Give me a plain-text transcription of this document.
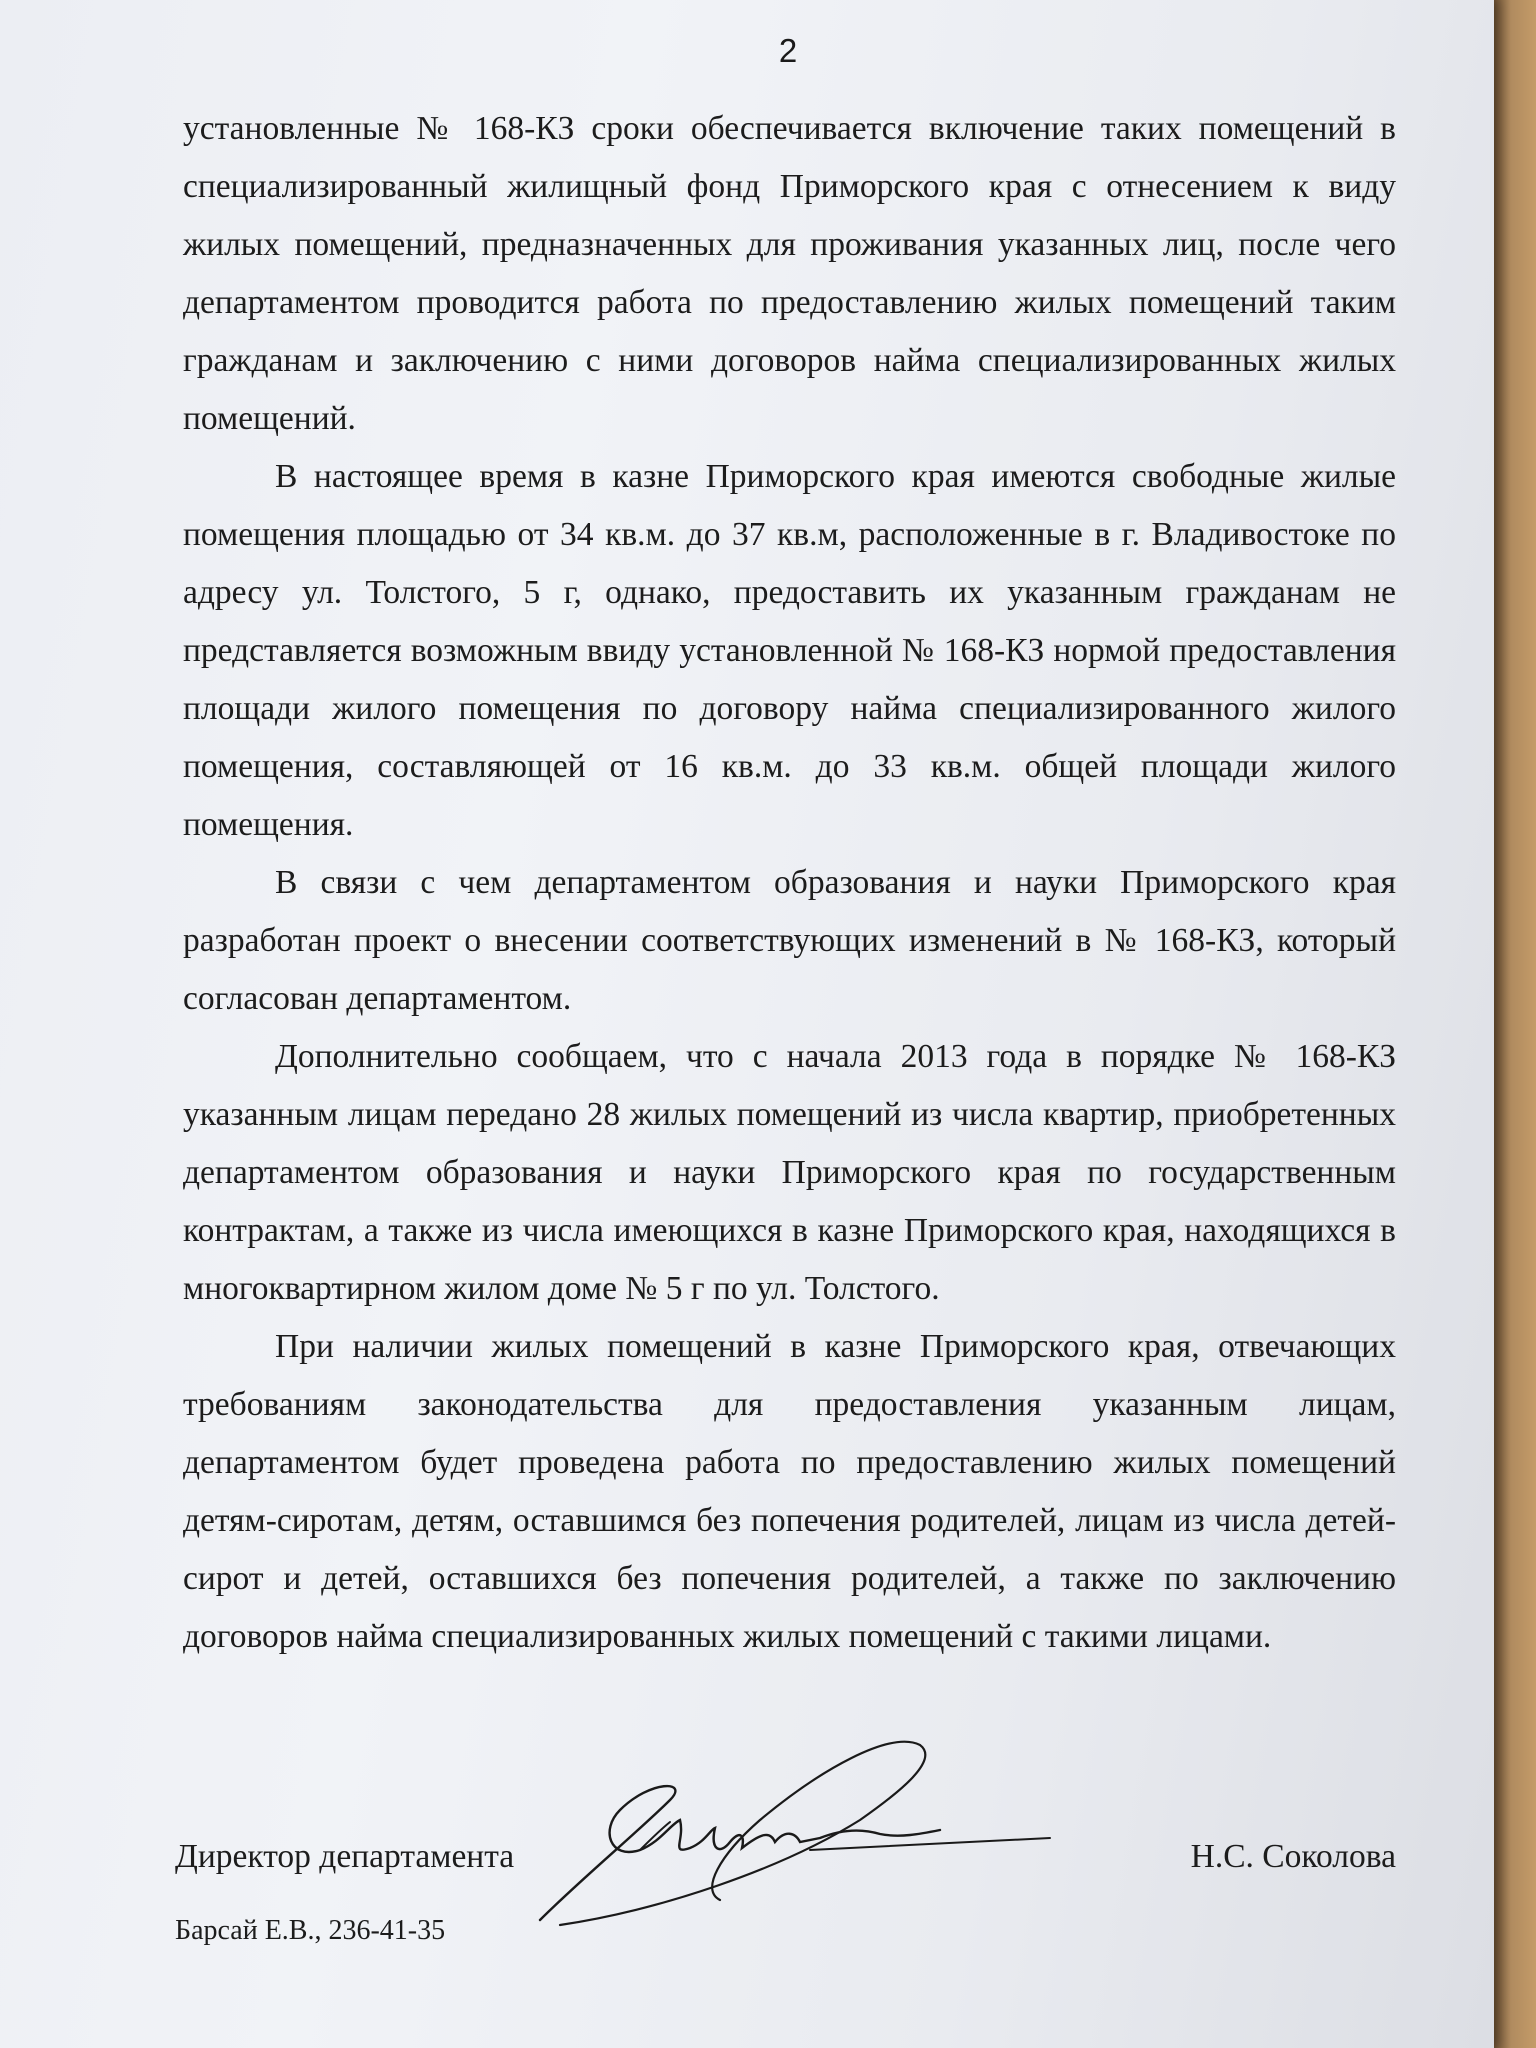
2

установленные № 168-КЗ сроки обеспечивается включение таких помещений в специализированный жилищный фонд Приморского края с отнесением к виду жилых помещений, предназначенных для проживания указанных лиц, после чего департаментом проводится работа по предоставлению жилых помещений таким гражданам и заключению с ними договоров найма специализированных жилых помещений.

В настоящее время в казне Приморского края имеются свободные жилые помещения площадью от 34 кв.м. до 37 кв.м, расположенные в г. Владивостоке по адресу ул. Толстого, 5 г, однако, предоставить их указанным гражданам не представляется возможным ввиду установленной № 168-КЗ нормой предоставления площади жилого помещения по договору найма специализированного жилого помещения, составляющей от 16 кв.м. до 33 кв.м. общей площади жилого помещения.

В связи с чем департаментом образования и науки Приморского края разработан проект о внесении соответствующих изменений в № 168-КЗ, который согласован департаментом.

Дополнительно сообщаем, что с начала 2013 года в порядке № 168-КЗ указанным лицам передано 28 жилых помещений из числа квартир, приобретенных департаментом образования и науки Приморского края по государственным контрактам, а также из числа имеющихся в казне Приморского края, находящихся в многоквартирном жилом доме № 5 г по ул. Толстого.

При наличии жилых помещений в казне Приморского края, отвечающих требованиям законодательства для предоставления указанным лицам, департаментом будет проведена работа по предоставлению жилых помещений детям-сиротам, детям, оставшимся без попечения родителей, лицам из числа детей-сирот и детей, оставшихся без попечения родителей, а также по заключению договоров найма специализированных жилых помещений с такими лицами.

Директор департамента	Н.С. Соколова
Барсай Е.В., 236-41-35
